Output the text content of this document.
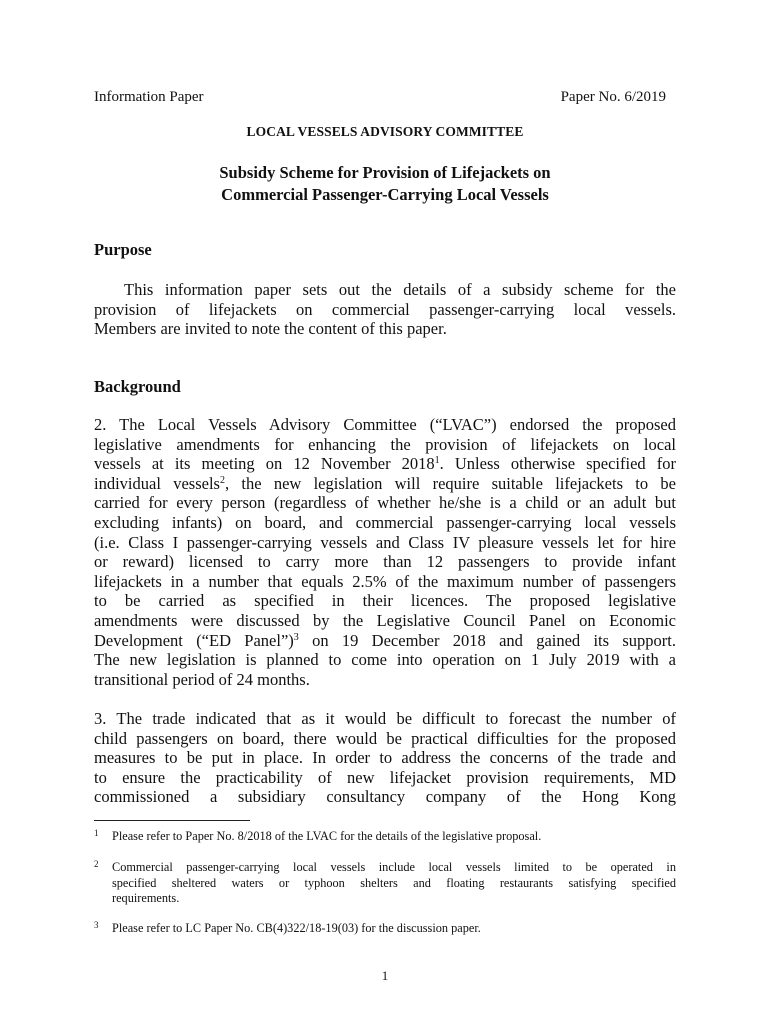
Information Paper	Paper No. 6/2019
LOCAL VESSELS ADVISORY COMMITTEE
Subsidy Scheme for Provision of Lifejackets on
Commercial Passenger-Carrying Local Vessels
Purpose
This information paper sets out the details of a subsidy scheme for the
provision of lifejackets on commercial passenger-carrying local vessels.
Members are invited to note the content of this paper.
Background
2. The Local Vessels Advisory Committee (“LVAC”) endorsed the proposed
legislative amendments for enhancing the provision of lifejackets on local
vessels at its meeting on 12 November 2018$^1$. Unless otherwise specified for
individual vessels$^2$, the new legislation will require suitable lifejackets to be
carried for every person (regardless of whether he/she is a child or an adult but
excluding infants) on board, and commercial passenger-carrying local vessels
(i.e. Class I passenger-carrying vessels and Class IV pleasure vessels let for hire
or reward) licensed to carry more than 12 passengers to provide infant
lifejackets in a number that equals 2.5% of the maximum number of passengers
to be carried as specified in their licences. The proposed legislative
amendments were discussed by the Legislative Council Panel on Economic
Development (“ED Panel”)$^3$ on 19 December 2018 and gained its support.
The new legislation is planned to come into operation on 1 July 2019 with a
transitional period of 24 months.
3. The trade indicated that as it would be difficult to forecast the number of
child passengers on board, there would be practical difficulties for the proposed
measures to be put in place. In order to address the concerns of the trade and
to ensure the practicability of new lifejacket provision requirements, MD
commissioned a subsidiary consultancy company of the Hong Kong
1 Please refer to Paper No. 8/2018 of the LVAC for the details of the legislative proposal.
2 Commercial passenger-carrying local vessels include local vessels limited to be operated in
specified sheltered waters or typhoon shelters and floating restaurants satisfying specified
requirements.
3 Please refer to LC Paper No. CB(4)322/18-19(03) for the discussion paper.
1
